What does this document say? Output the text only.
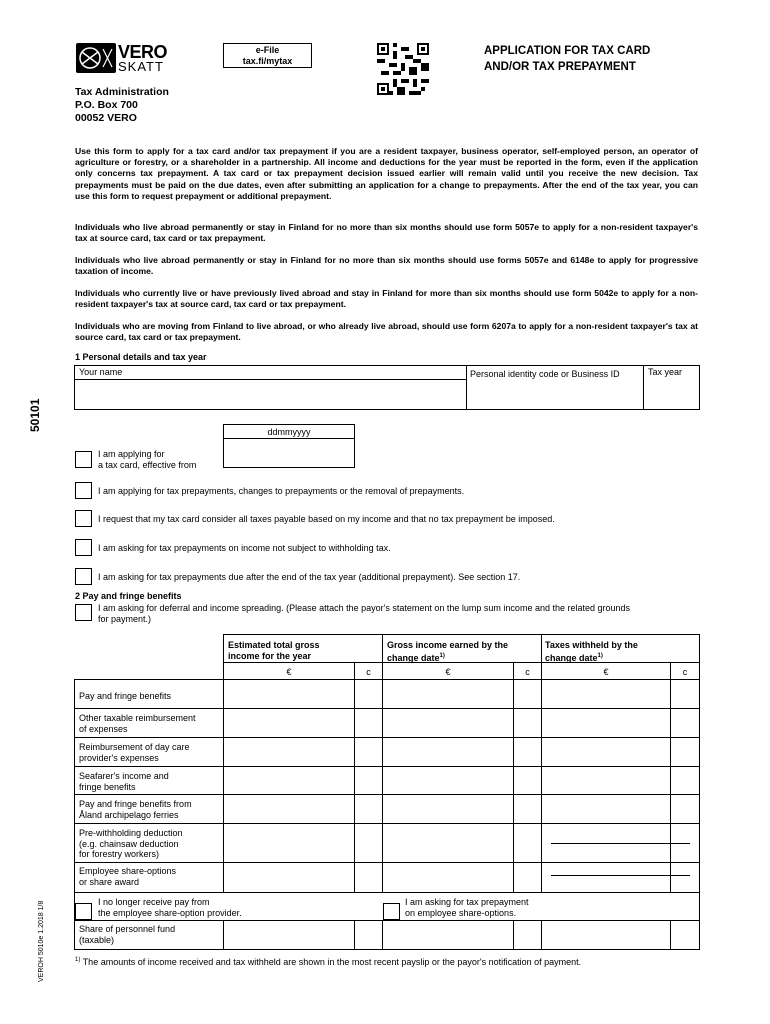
VERO
SKATT
e-File
tax.fi/mytax
APPLICATION FOR TAX CARD
AND/OR TAX PREPAYMENT
Tax Administration
P.O. Box 700
00052 VERO
Use this form to apply for a tax card and/or tax prepayment if you are a resident taxpayer, business operator, self-employed person, an operator of agriculture or forestry, or a shareholder in a partnership. All income and deductions for the year must be reported in the form, even if the application only concerns tax prepayment. A tax card or tax prepayment decision issued earlier will remain valid until you receive the new decision. Tax prepayments must be paid on the due dates, even after submitting an application for a change to prepayments. After the end of the tax year, you can use this form to request prepayment or additional prepayment.
Individuals who live abroad permanently or stay in Finland for no more than six months should use form 5057e to apply for a non-resident taxpayer's tax at source card, tax card or tax prepayment.
Individuals who live abroad permanently or stay in Finland for no more than six months should use forms 5057e and 6148e to apply for progressive taxation of income.
Individuals who currently live or have previously lived abroad and stay in Finland for more than six months should use form 5042e to apply for a non-resident taxpayer's tax at source card, tax card or tax prepayment.
Individuals who are moving from Finland to live abroad, or who already live abroad, should use form 6207a to apply for a non-resident taxpayer's tax at source card, tax card or tax prepayment.
50101
VEROH 5010e 1.2018 1/8
1 Personal details and tax year
Your name	Personal identity code or Business ID	Tax year
ddmmyyyy
I am applying for
a tax card, effective from
I am applying for tax prepayments, changes to prepayments or the removal of prepayments.
I request that my tax card consider all taxes payable based on my income and that no tax prepayment be imposed.
I am asking for tax prepayments on income not subject to withholding tax.
I am asking for tax prepayments due after the end of the tax year (additional prepayment). See section 17.
2 Pay and fringe benefits
I am asking for deferral and income spreading. (Please attach the payor's statement on the lump sum income and the related grounds
for payment.)
Estimated total gross
income for the year
Gross income earned by the
change date$^{1)}$
Taxes withheld by the
change date$^{1)}$
€	c	€	c	€	c
Pay and fringe benefits
Other taxable reimbursement
of expenses
Reimbursement of day care
provider's expenses
Seafarer's income and
fringe benefits
Pay and fringe benefits from
Åland archipelago ferries
Pre-withholding deduction
(e.g. chainsaw deduction
for forestry workers)
Employee share-options
or share award
I no longer receive pay from
the employee share-option provider.
I am asking for tax prepayment
on employee share-options.
Share of personnel fund
(taxable)
$^{1)}$ The amounts of income received and tax withheld are shown in the most recent payslip or the payor's notification of payment.
